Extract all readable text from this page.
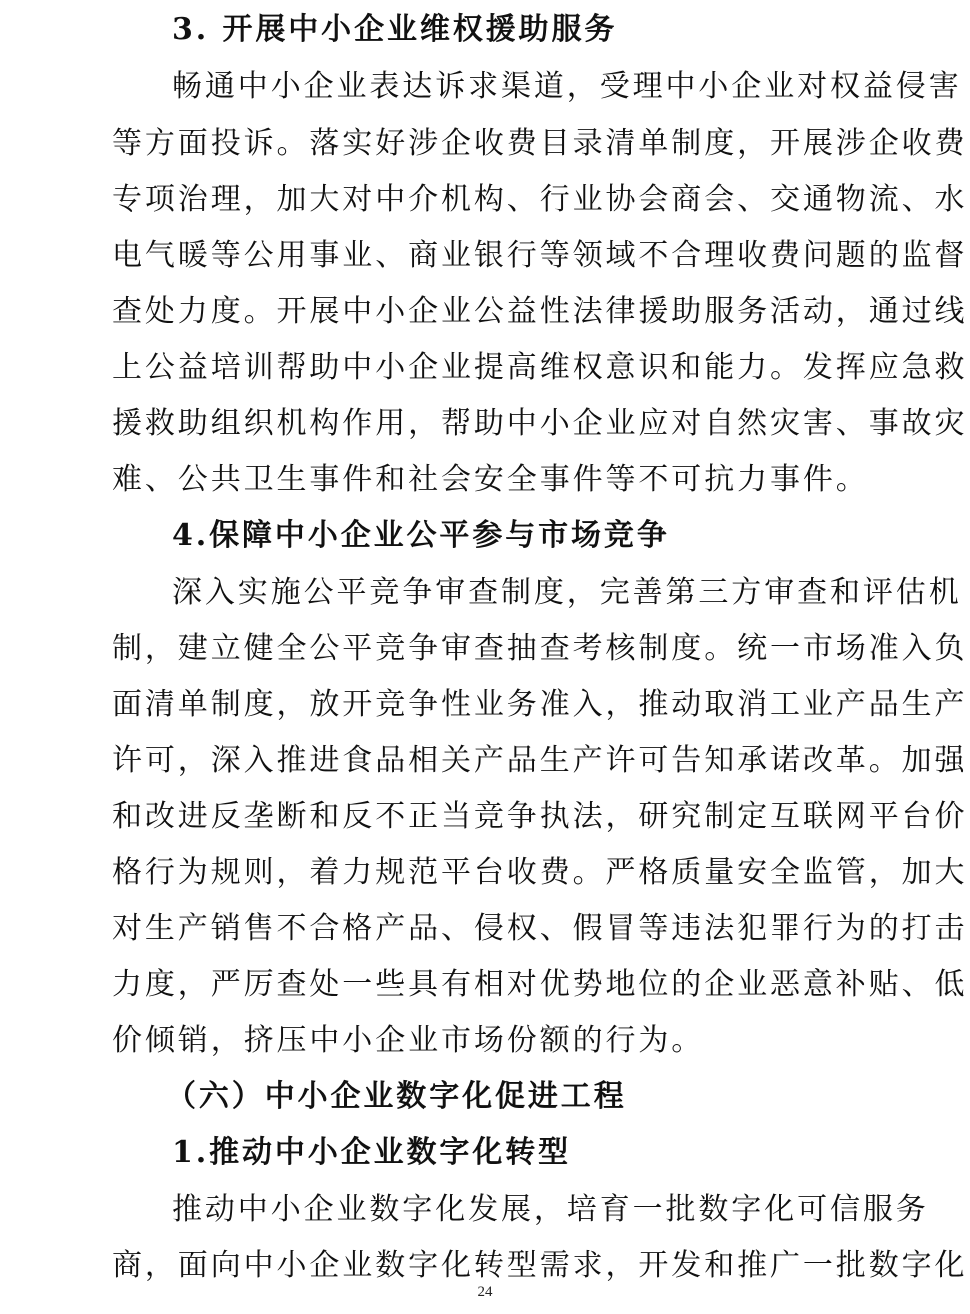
3. 开展中小企业维权援助服务
畅通中小企业表达诉求渠道，受理中小企业对权益侵害
等方面投诉。落实好涉企收费目录清单制度，开展涉企收费
专项治理，加大对中介机构、行业协会商会、交通物流、水
电气暖等公用事业、商业银行等领域不合理收费问题的监督
查处力度。开展中小企业公益性法律援助服务活动，通过线
上公益培训帮助中小企业提高维权意识和能力。发挥应急救
援救助组织机构作用，帮助中小企业应对自然灾害、事故灾
难、公共卫生事件和社会安全事件等不可抗力事件。
4.保障中小企业公平参与市场竞争
深入实施公平竞争审查制度，完善第三方审查和评估机
制，建立健全公平竞争审查抽查考核制度。统一市场准入负
面清单制度，放开竞争性业务准入，推动取消工业产品生产
许可，深入推进食品相关产品生产许可告知承诺改革。加强
和改进反垄断和反不正当竞争执法，研究制定互联网平台价
格行为规则，着力规范平台收费。严格质量安全监管，加大
对生产销售不合格产品、侵权、假冒等违法犯罪行为的打击
力度，严厉查处一些具有相对优势地位的企业恶意补贴、低
价倾销，挤压中小企业市场份额的行为。
（六）中小企业数字化促进工程
1.推动中小企业数字化转型
推动中小企业数字化发展，培育一批数字化可信服务
商，面向中小企业数字化转型需求，开发和推广一批数字化
24
